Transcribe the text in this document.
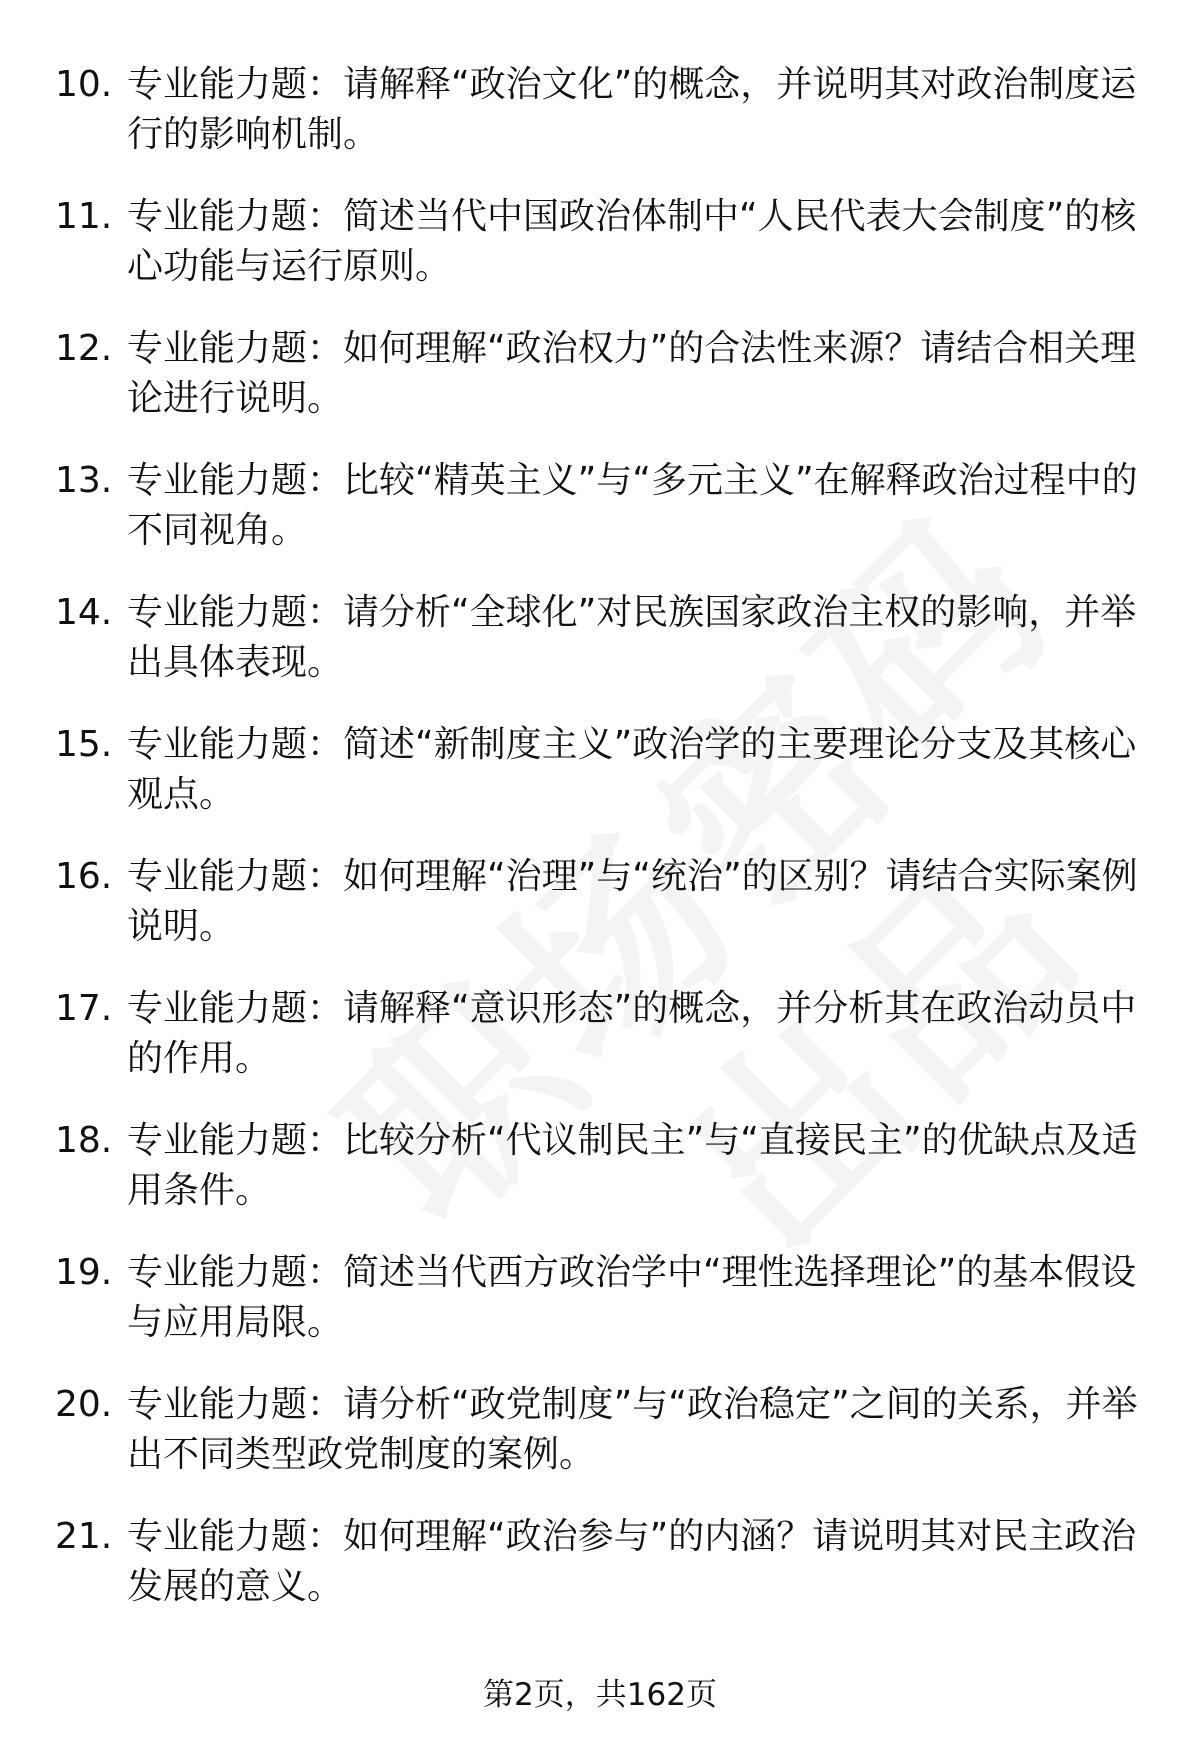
10. 专业能力题：请解释“政治文化”的概念，并说明其对政治制度运行的影响机制。
11. 专业能力题：简述当代中国政治体制中“人民代表大会制度”的核心功能与运行原则。
12. 专业能力题：如何理解“政治权力”的合法性来源？请结合相关理论进行说明。
13. 专业能力题：比较“精英主义”与“多元主义”在解释政治过程中的不同视角。
14. 专业能力题：请分析“全球化”对民族国家政治主权的影响，并举出具体表现。
15. 专业能力题：简述“新制度主义”政治学的主要理论分支及其核心观点。
16. 专业能力题：如何理解“治理”与“统治”的区别？请结合实际案例说明。
17. 专业能力题：请解释“意识形态”的概念，并分析其在政治动员中的作用。
18. 专业能力题：比较分析“代议制民主”与“直接民主”的优缺点及适用条件。
19. 专业能力题：简述当代西方政治学中“理性选择理论”的基本假设与应用局限。
20. 专业能力题：请分析“政党制度”与“政治稳定”之间的关系，并举出不同类型政党制度的案例。
21. 专业能力题：如何理解“政治参与”的内涵？请说明其对民主政治发展的意义。
第2页，共162页
